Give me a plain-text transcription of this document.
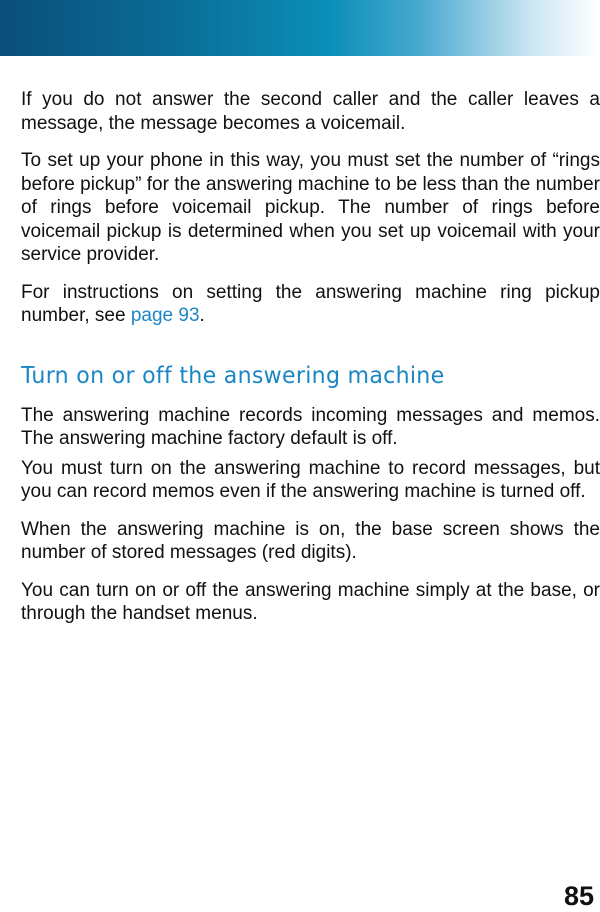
If you do not answer the second caller and the caller leaves a message, the message becomes a voicemail.

To set up your phone in this way, you must set the number of “rings before pickup” for the answering machine to be less than the number of rings before voicemail pickup. The number of rings before voicemail pickup is determined when you set up voicemail with your service provider.

For instructions on setting the answering machine ring pickup number, see page 93.

Turn on or off the answering machine

The answering machine records incoming messages and memos. The answering machine factory default is off.

You must turn on the answering machine to record messages, but you can record memos even if the answering machine is turned off.

When the answering machine is on, the base screen shows the number of stored messages (red digits).

You can turn on or off the answering machine simply at the base, or through the handset menus.

85
